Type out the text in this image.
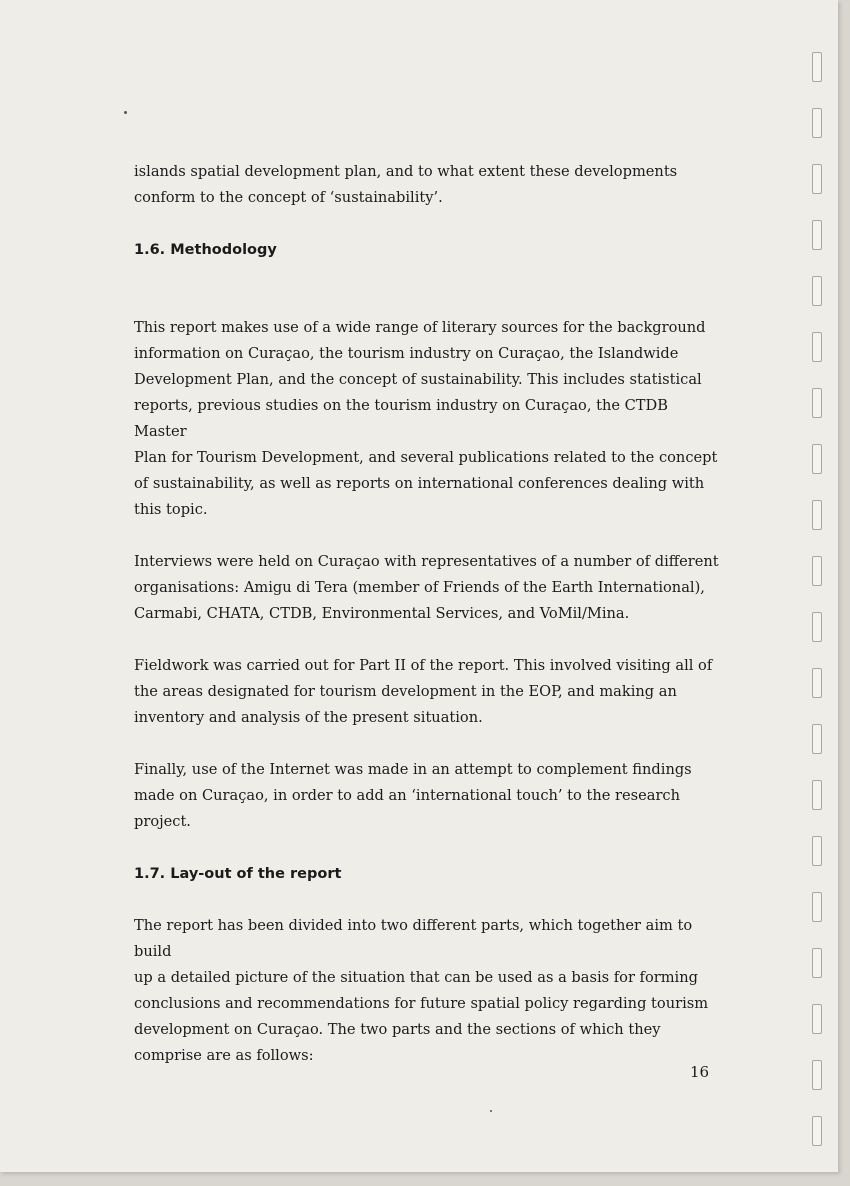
islands spatial development plan, and to what extent these developments
conform to the concept of ‘sustainability’.

1.6. Methodology

This report makes use of a wide range of literary sources for the background
information on Curaçao, the tourism industry on Curaçao, the Islandwide
Development Plan, and the concept of sustainability. This includes statistical
reports, previous studies on the tourism industry on Curaçao, the CTDB Master
Plan for Tourism Development, and several publications related to the concept
of sustainability, as well as reports on international conferences dealing with
this topic.

Interviews were held on Curaçao with representatives of a number of different
organisations: Amigu di Tera (member of Friends of the Earth International),
Carmabi, CHATA, CTDB, Environmental Services, and VoMil/Mina.

Fieldwork was carried out for Part II of the report. This involved visiting all of
the areas designated for tourism development in the EOP, and making an
inventory and analysis of the present situation.

Finally, use of the Internet was made in an attempt to complement findings
made on Curaçao, in order to add an ‘international touch’ to the research
project.

1.7. Lay-out of the report

The report has been divided into two different parts, which together aim to build
up a detailed picture of the situation that can be used as a basis for forming
conclusions and recommendations for future spatial policy regarding tourism
development on Curaçao. The two parts and the sections of which they
comprise are as follows:

16
